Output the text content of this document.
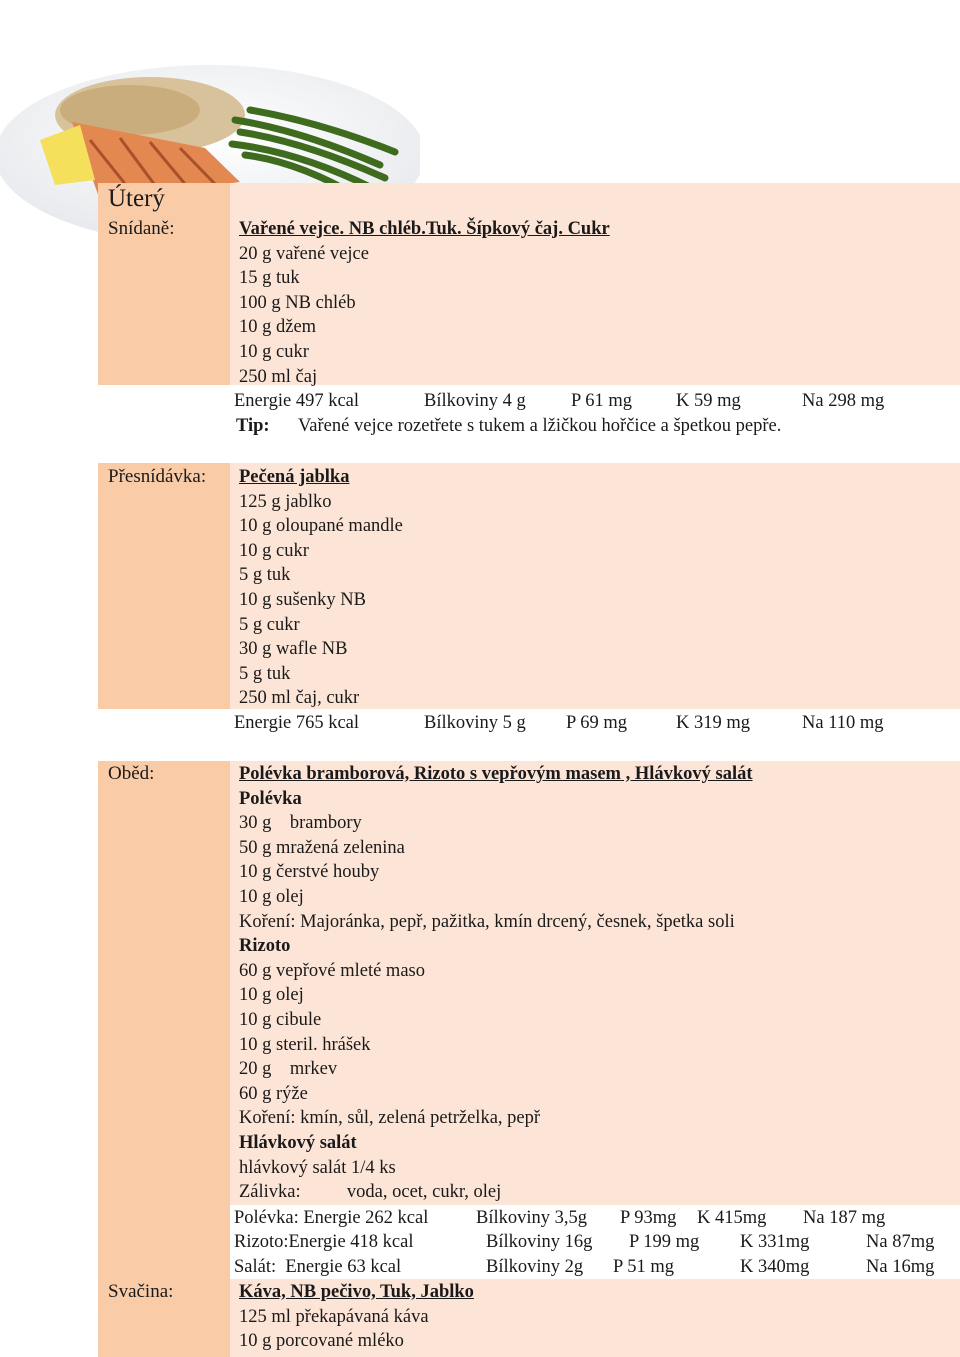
Úterý
Snídaně:	Vařené vejce. NB chléb.Tuk. Šípkový čaj. Cukr
20 g vařené vejce
15 g tuk
100 g NB chléb
10 g džem
10 g cukr
250 ml čaj
Energie 497 kcal	Bílkoviny 4 g P 61 mg K 59 mg	Na 298 mg
Tip: Vařené vejce rozetřete s tukem a lžičkou hořčice a špetkou pepře.
Přesnídávka: Pečená jablka
125 g jablko
10 g oloupané mandle
10 g cukr
5 g tuk
10 g sušenky NB
5 g cukr
30 g wafle NB
5 g tuk
250 ml čaj, cukr
Energie 765 kcal	Bílkoviny 5 g P 69 mg	K 319 mg	Na 110 mg
Oběd:	Polévka bramborová, Rizoto s vepřovým masem , Hlávkový salát
Polévka
30 g    brambory
50 g mražená zelenina
10 g čerstvé houby
10 g olej
Koření: Majoránka, pepř, pažitka, kmín drcený, česnek, špetka soli
Rizoto
60 g vepřové mleté maso
10 g olej
10 g cibule
10 g steril. hrášek
20 g    mrkev
60 g rýže
Koření: kmín, sůl, zelená petrželka, pepř
Hlávkový salát
hlávkový salát 1/4 ks
Zálivka:          voda, ocet, cukr, olej
Polévka: Energie 262 kcal	Bílkoviny 3,5g P 93mg K 415mg Na 187 mg
Rizoto:Energie 418 kcal	Bílkoviny 16g P 199 mg K 331mg	Na 87mg
Salát:  Energie 63 kcal	Bílkoviny 2g P 51 mg	K 340mg	Na 16mg
Svačina:	Káva, NB pečivo, Tuk, Jablko
125 ml překapávaná káva
10 g porcované mléko
